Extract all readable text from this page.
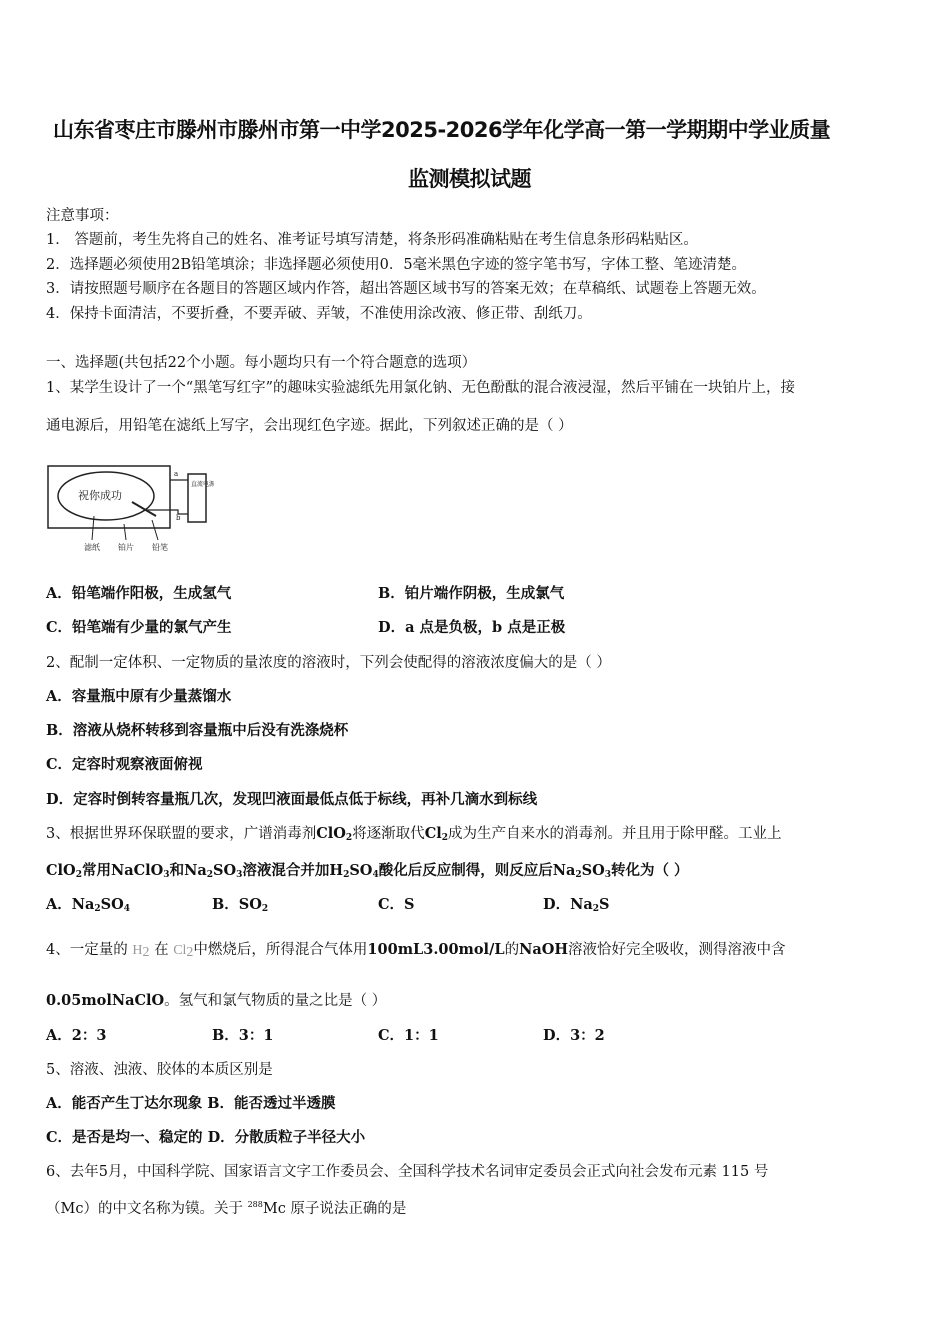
山东省枣庄市滕州市滕州市第一中学2025-2026学年化学高一第一学期期中学业质量
监测模拟试题
注意事项：
1． 答题前，考生先将自己的姓名、准考证号填写清楚，将条形码准确粘贴在考生信息条形码粘贴区。
2．选择题必须使用2B铅笔填涂；非选择题必须使用0．5毫米黑色字迹的签字笔书写，字体工整、笔迹清楚。
3．请按照题号顺序在各题目的答题区域内作答，超出答题区域书写的答案无效；在草稿纸、试题卷上答题无效。
4．保持卡面清洁，不要折叠，不要弄破、弄皱，不准使用涂改液、修正带、刮纸刀。
一、选择题(共包括22个小题。每小题均只有一个符合题意的选项）
1、某学生设计了一个“黑笔写红字”的趣味实验滤纸先用氯化钠、无色酚酞的混合液浸湿，然后平铺在一块铂片上，接
通电源后，用铅笔在滤纸上写字，会出现红色字迹。据此，下列叙述正确的是（ ）
祝你成功
直流电源
a
b
滤纸 铂片 铅笔
A．铅笔端作阳极，生成氢气	B．铂片端作阴极，生成氯气
C．铅笔端有少量的氯气产生	D．a 点是负极，b 点是正极
2、配制一定体积、一定物质的量浓度的溶液时，下列会使配得的溶液浓度偏大的是（ ）
A．容量瓶中原有少量蒸馏水
B．溶液从烧杯转移到容量瓶中后没有洗涤烧杯
C．定容时观察液面俯视
D．定容时倒转容量瓶几次，发现凹液面最低点低于标线，再补几滴水到标线
3、根据世界环保联盟的要求，广谱消毒剂ClO$_2$将逐渐取代$Cl_2$成为生产自来水的消毒剂。并且用于除甲醛。工业上
ClO$_2$常用NaClO$_3$和$Na_2SO_3$溶液混合并加$H_2SO_4$酸化后反应制得，则反应后$Na_2SO_3$转化为（ ）
A．$Na_2SO_4$	B．$SO_2$	C．S	D．$Na_2S$
4、一定量的 $H_2$ 在 $Cl_2$中燃烧后，所得混合气体用100mL3.00mol/L的NaOH溶液恰好完全吸收，测得溶液中含
0.05molNaClO。氢气和氯气物质的量之比是（ ）
A．2：3	B．3：1	C．1：1	D．3：2
5、溶液、浊液、胶体的本质区别是
A．能否产生丁达尔现象 B．能否透过半透膜
C．是否是均一、稳定的 D．分散质粒子半径大小
6、去年5月，中国科学院、国家语言文字工作委员会、全国科学技术名词审定委员会正式向社会发布元素 115 号
（Mc）的中文名称为镆。关于 $^{288}$Mc 原子说法正确的是
